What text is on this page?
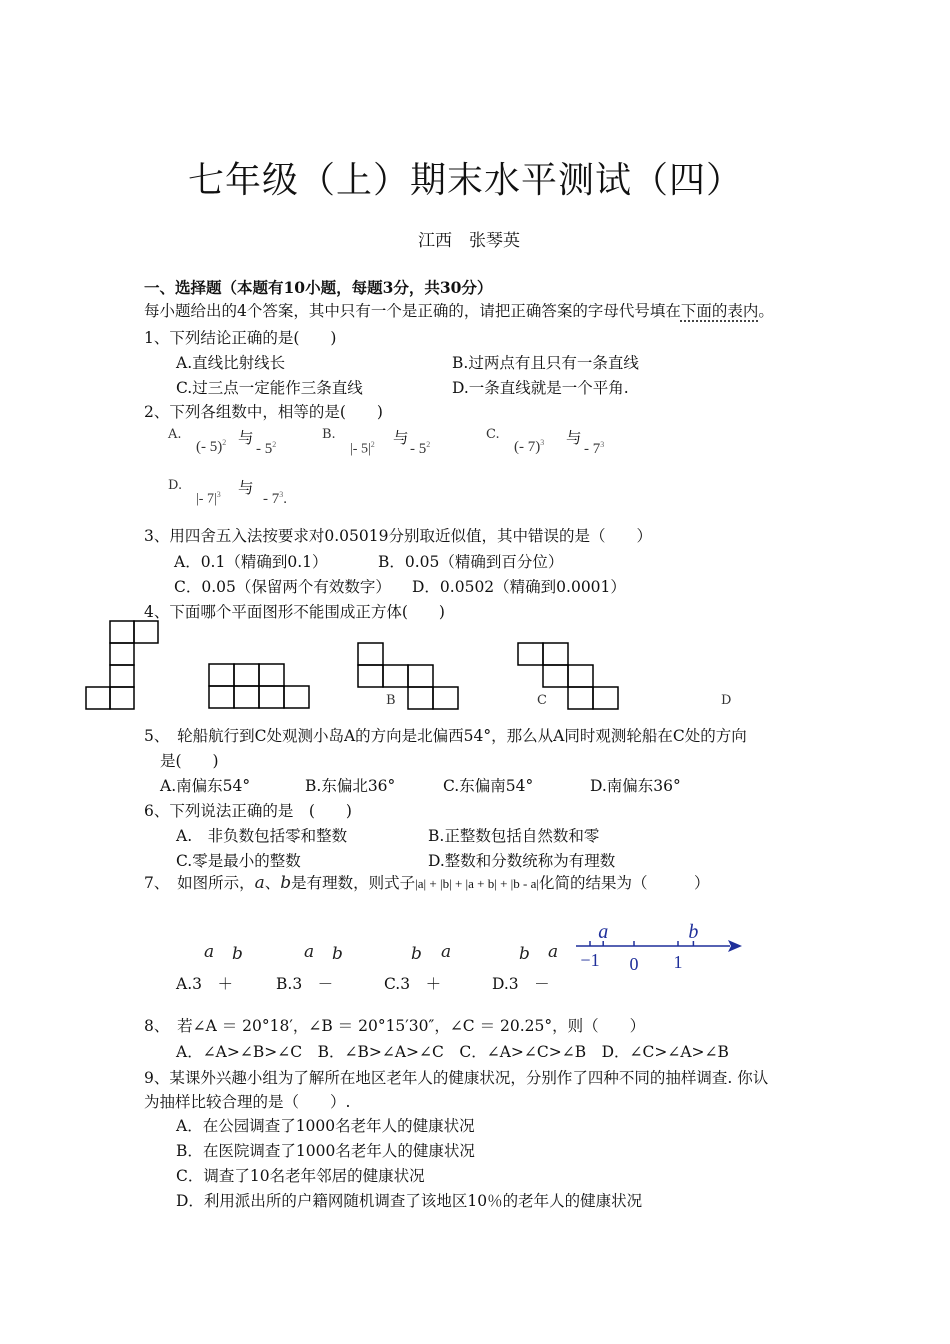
七年级（上）期末水平测试（四）
江西　张琴英
一、选择题（本题有10小题，每题3分，共30分）
每小题给出的4个答案，其中只有一个是正确的，请把正确答案的字母代号填在下面的表内。
1、下列结论正确的是(　　)
A.直线比射线长	B.过两点有且只有一条直线
C.过三点一定能作三条直线	D.一条直线就是一个平角.
2、下列各组数中，相等的是(　　)
A.
(- 5)$^2$ 与
- $5^2$
B.
|- $5|^2$ 与
- $5^2$
C.
(- 7)$^3$ 与
- $7^3$
D.
|- $7|^3$ 与
- $7^3$.
3、用四舍五入法按要求对0.05019分别取近似值，其中错误的是（　　）
A．0.1（精确到0.1）	B．0.05（精确到百分位）
C．0.05（保留两个有效数字） D．0.0502（精确到0.0001）
4、下面哪个平面图形不能围成正方体(　　)
B	C	D
5、　轮船航行到C处观测小岛A的方向是北偏西54°，那么从A同时观测轮船在C处的方向
是(　　)
A.南偏东54°	B.东偏北36°	C.东偏南54°	D.南偏东36°
6、下列说法正确的是　(　　)
A.　非负数包括零和整数	B.正整数包括自然数和零
C.零是最小的整数	D.整数和分数统称为有理数
7、　如图所示，a、b是有理数，则式子|a| + |b| + |a + b| + |b - a|化简的结果为（　　　）
a b	a b	b a	b a
A.3　＋	B.3　－	C.3　＋	D.3　－
−1 0 1
a	b
8、　若∠A ＝ 20°18′，∠B ＝ 20°15′30″，∠C ＝ 20.25°，则（　　）
A．∠A>∠B>∠C　B．∠B>∠A>∠C　C．∠A>∠C>∠B　D．∠C>∠A>∠B
9、某课外兴趣小组为了解所在地区老年人的健康状况，分别作了四种不同的抽样调查. 你认
为抽样比较合理的是（　　）.
A．在公园调查了1000名老年人的健康状况
B．在医院调查了1000名老年人的健康状况
C．调查了10名老年邻居的健康状况
D．利用派出所的户籍网随机调查了该地区10％的老年人的健康状况
